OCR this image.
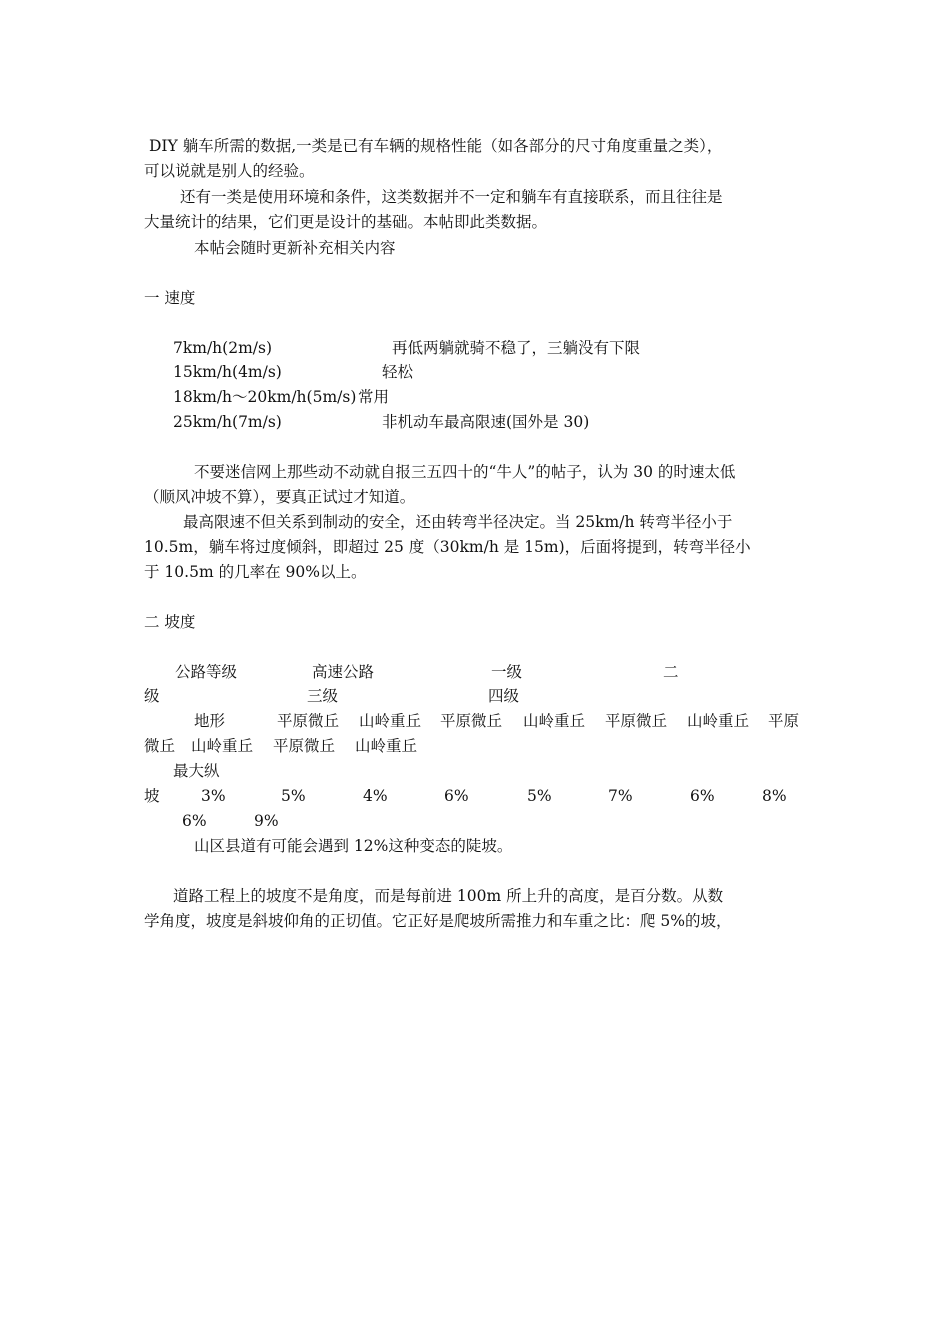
DIY 躺车所需的数据,一类是已有车辆的规格性能（如各部分的尺寸角度重量之类），
可以说就是别人的经验。
还有一类是使用环境和条件，这类数据并不一定和躺车有直接联系，而且往往是
大量统计的结果，它们更是设计的基础。本帖即此类数据。
本帖会随时更新补充相关内容
一 速度
7km/h(2m/s)	再低两躺就骑不稳了，三躺没有下限
15km/h(4m/s)	轻松
18km/h～20km/h(5m/s) 常用
25km/h(7m/s)	非机动车最高限速(国外是 30)
不要迷信网上那些动不动就自报三五四十的“牛人”的帖子，认为 30 的时速太低
（顺风冲坡不算），要真正试过才知道。
最高限速不但关系到制动的安全，还由转弯半径决定。当 25km/h 转弯半径小于
10.5m，躺车将过度倾斜，即超过 25 度（30km/h 是 15m)，后面将提到，转弯半径小
于 10.5m 的几率在 90%以上。
二 坡度
公路等级	高速公路	一级	二
级	三级	四级
地形	平原微丘 山岭重丘 平原微丘 山岭重丘 平原微丘 山岭重丘 平原
微丘 山岭重丘 平原微丘 山岭重丘
最大纵
坡	3%	5%	4%	6%	5%	7%	6%	8%
6%	9%
山区县道有可能会遇到 12%这种变态的陡坡。
道路工程上的坡度不是角度，而是每前进 100m 所上升的高度，是百分数。从数
学角度，坡度是斜坡仰角的正切值。它正好是爬坡所需推力和车重之比：爬 5%的坡，
